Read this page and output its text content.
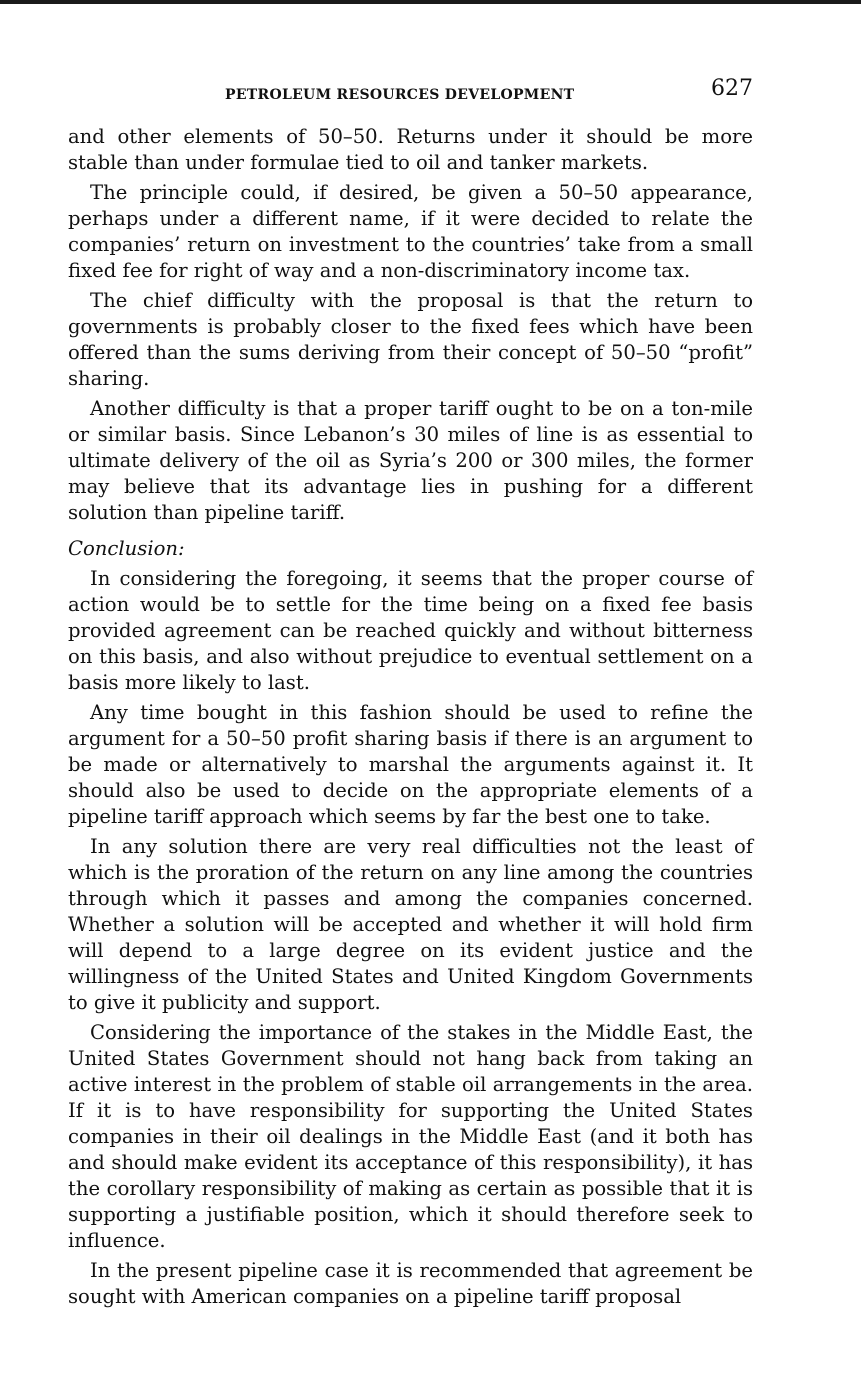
PETROLEUM RESOURCES DEVELOPMENT	627

and other elements of 50–50. Returns under it should be more stable than under formulae tied to oil and tanker markets.

The principle could, if desired, be given a 50–50 appearance, perhaps under a different name, if it were decided to relate the companies’ return on investment to the countries’ take from a small fixed fee for right of way and a non-discriminatory income tax.

The chief difficulty with the proposal is that the return to governments is probably closer to the fixed fees which have been offered than the sums deriving from their concept of 50–50 “profit” sharing.

Another difficulty is that a proper tariff ought to be on a ton-mile or similar basis. Since Lebanon’s 30 miles of line is as essential to ultimate delivery of the oil as Syria’s 200 or 300 miles, the former may believe that its advantage lies in pushing for a different solution than pipeline tariff.

Conclusion:

In considering the foregoing, it seems that the proper course of action would be to settle for the time being on a fixed fee basis provided agreement can be reached quickly and without bitterness on this basis, and also without prejudice to eventual settlement on a basis more likely to last.

Any time bought in this fashion should be used to refine the argument for a 50–50 profit sharing basis if there is an argument to be made or alternatively to marshal the arguments against it. It should also be used to decide on the appropriate elements of a pipeline tariff approach which seems by far the best one to take.

In any solution there are very real difficulties not the least of which is the proration of the return on any line among the countries through which it passes and among the companies concerned. Whether a solution will be accepted and whether it will hold firm will depend to a large degree on its evident justice and the willingness of the United States and United Kingdom Governments to give it publicity and support.

Considering the importance of the stakes in the Middle East, the United States Government should not hang back from taking an active interest in the problem of stable oil arrangements in the area. If it is to have responsibility for supporting the United States companies in their oil dealings in the Middle East (and it both has and should make evident its acceptance of this responsibility), it has the corollary responsibility of making as certain as possible that it is supporting a justifiable position, which it should therefore seek to influence.

In the present pipeline case it is recommended that agreement be sought with American companies on a pipeline tariff proposal
